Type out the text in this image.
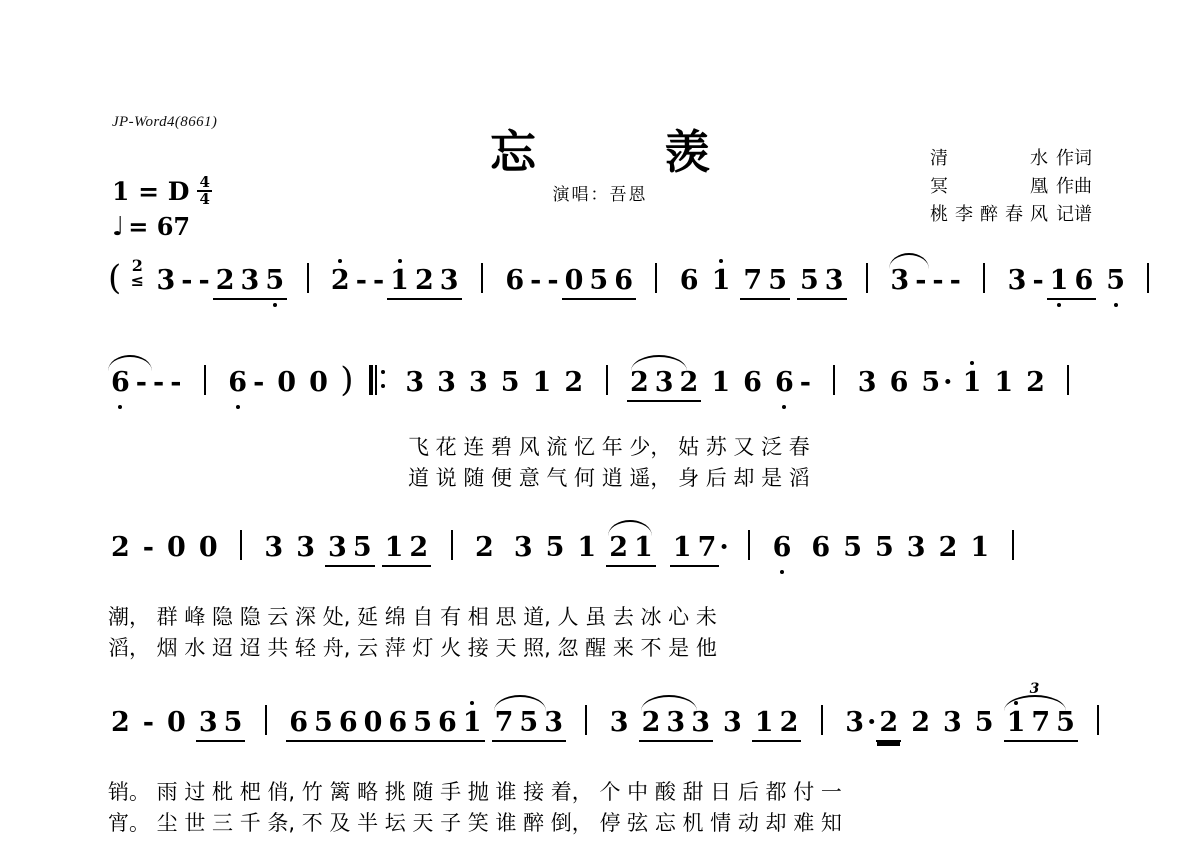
JP-Word4(8661)
忘 羡
演唱：吾恩
清 水 作词
冥 凰 作曲
桃李醉春风 记谱
1 = D $\frac{4}{4}$
♩ = 67
( 2
≤ 3 - - 2 3 5 2 - - 1 2 3 6 - - 0 5 6 6 1 7 5 5 3 3 - - - 3 - 1 6 5
6 - - - 6 - 0 0 ) 3 3 3 5 1 2 2 3 2 1 6 6 - 3 6 5 · 1 1 2
飞 花 连 碧 风 流 忆 年 少， 姑 苏 又 泛 春
道 说 随 便 意 气 何 逍 遥， 身 后 却 是 滔
2 - 0 0 3 3 3 5 1 2 2 3 5 1 2 1 1 7 · 6 6 5 5 3 2 1
潮， 群 峰 隐 隐 云 深 处, 延 绵 自 有 相 思 道, 人 虽 去 冰 心 未
滔， 烟 水 迢 迢 共 轻 舟, 云 萍 灯 火 接 天 照, 忽 醒 来 不 是 他
2 - 0 3 5 6 5 6 0 6 5 6 1 7 5 3 3 2 3 3 3 1 2 3 · 2 2 3 5
3
1 7 5
销。 雨 过 枇 杷 俏, 竹 篱 略 挑 随 手 抛 谁 接 着， 个 中 酸 甜 日 后 都 付 一
宵。 尘 世 三 千 条, 不 及 半 坛 天 子 笑 谁 醉 倒， 停 弦 忘 机 情 动 却 难 知
